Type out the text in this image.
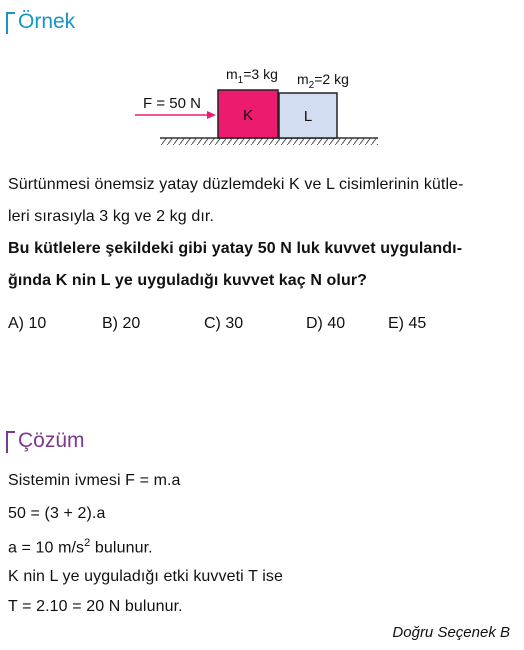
Örnek
F = 50 N
K	L
$m_1=3$ kg $m_2=2$ kg
Sürtünmesi önemsiz yatay düzlemdeki K ve L cisimlerinin kütle-
leri sırasıyla 3 kg ve 2 kg dır.
Bu kütlelere şekildeki gibi yatay 50 N luk kuvvet uygulandı-
ğında K nin L ye uyguladığı kuvvet kaç N olur?
A) 10	B) 20	C) 30	D) 40	E) 45
Çözüm
Sistemin ivmesi F = m.a
50 = (3 + 2).a
a = 10 $m/s^2$ bulunur.
K nin L ye uyguladığı etki kuvveti T ise
T = 2.10 = 20 N bulunur.
Doğru Seçenek B
